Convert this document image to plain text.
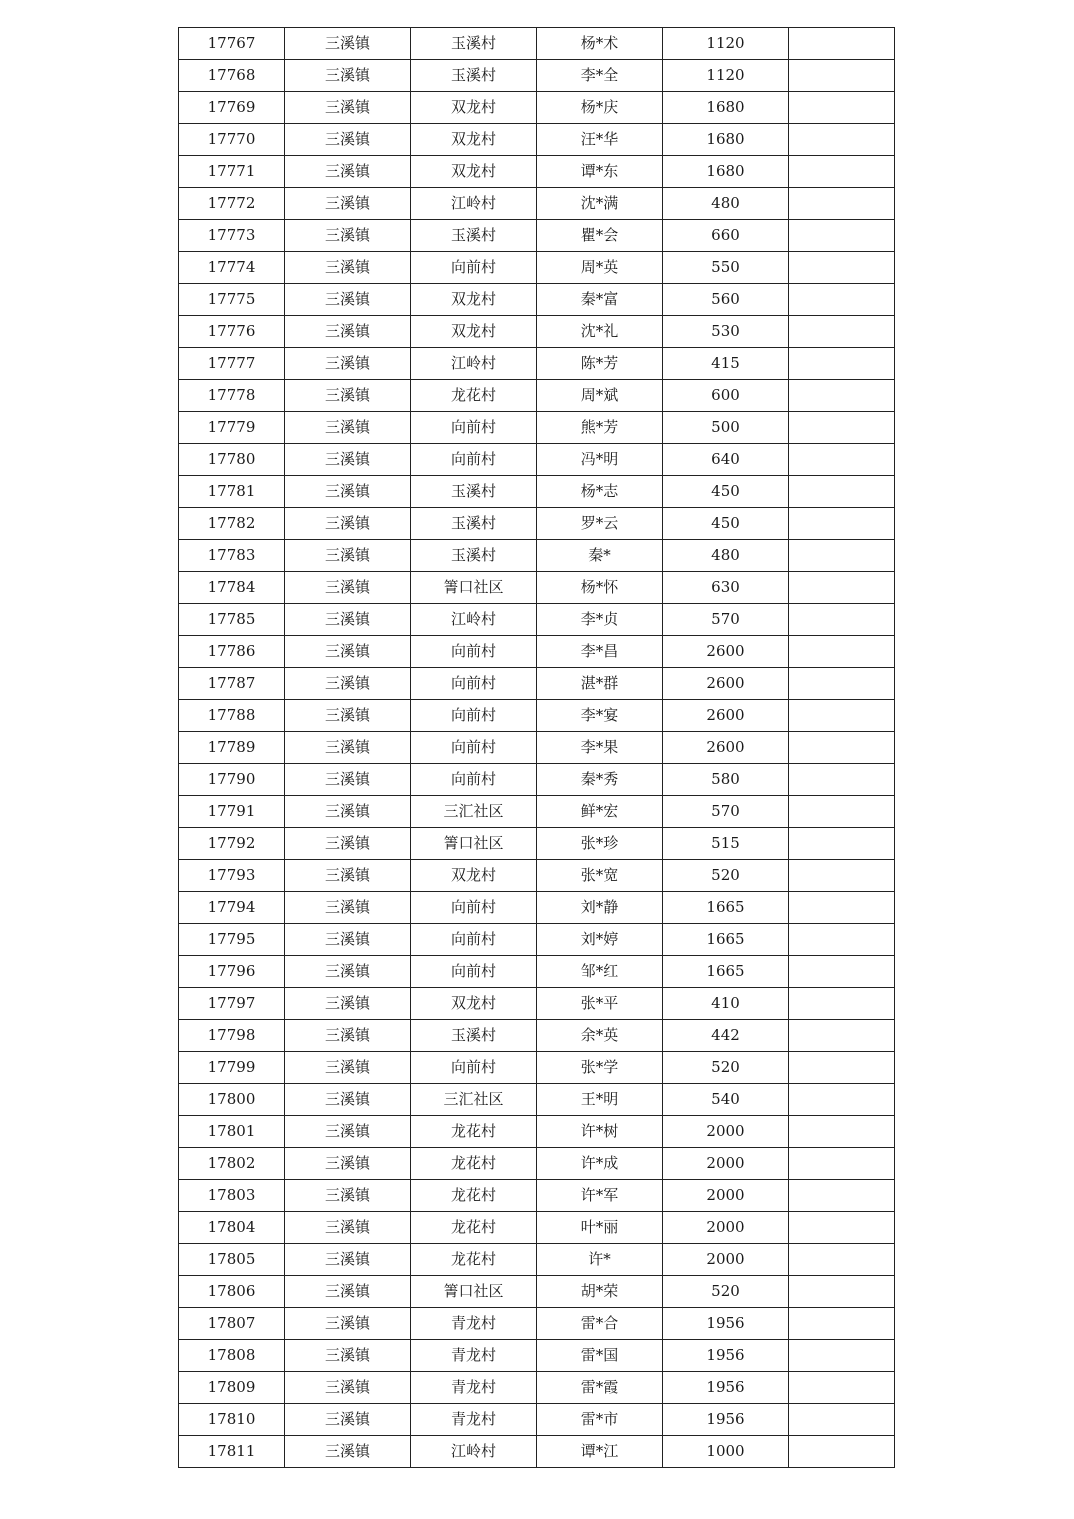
17767	三溪镇	玉溪村	杨*术	1120	
17768	三溪镇	玉溪村	李*全	1120	
17769	三溪镇	双龙村	杨*庆	1680	
17770	三溪镇	双龙村	汪*华	1680	
17771	三溪镇	双龙村	谭*东	1680	
17772	三溪镇	江岭村	沈*满	480	
17773	三溪镇	玉溪村	瞿*会	660	
17774	三溪镇	向前村	周*英	550	
17775	三溪镇	双龙村	秦*富	560	
17776	三溪镇	双龙村	沈*礼	530	
17777	三溪镇	江岭村	陈*芳	415	
17778	三溪镇	龙花村	周*斌	600	
17779	三溪镇	向前村	熊*芳	500	
17780	三溪镇	向前村	冯*明	640	
17781	三溪镇	玉溪村	杨*志	450	
17782	三溪镇	玉溪村	罗*云	450	
17783	三溪镇	玉溪村	秦*	480	
17784	三溪镇	箐口社区	杨*怀	630	
17785	三溪镇	江岭村	李*贞	570	
17786	三溪镇	向前村	李*昌	2600	
17787	三溪镇	向前村	湛*群	2600	
17788	三溪镇	向前村	李*宴	2600	
17789	三溪镇	向前村	李*果	2600	
17790	三溪镇	向前村	秦*秀	580	
17791	三溪镇	三汇社区	鲜*宏	570	
17792	三溪镇	箐口社区	张*珍	515	
17793	三溪镇	双龙村	张*宽	520	
17794	三溪镇	向前村	刘*静	1665	
17795	三溪镇	向前村	刘*婷	1665	
17796	三溪镇	向前村	邹*红	1665	
17797	三溪镇	双龙村	张*平	410	
17798	三溪镇	玉溪村	余*英	442	
17799	三溪镇	向前村	张*学	520	
17800	三溪镇	三汇社区	王*明	540	
17801	三溪镇	龙花村	许*树	2000	
17802	三溪镇	龙花村	许*成	2000	
17803	三溪镇	龙花村	许*军	2000	
17804	三溪镇	龙花村	叶*丽	2000	
17805	三溪镇	龙花村	许*	2000	
17806	三溪镇	箐口社区	胡*荣	520	
17807	三溪镇	青龙村	雷*合	1956	
17808	三溪镇	青龙村	雷*国	1956	
17809	三溪镇	青龙村	雷*霞	1956	
17810	三溪镇	青龙村	雷*市	1956	
17811	三溪镇	江岭村	谭*江	1000	
